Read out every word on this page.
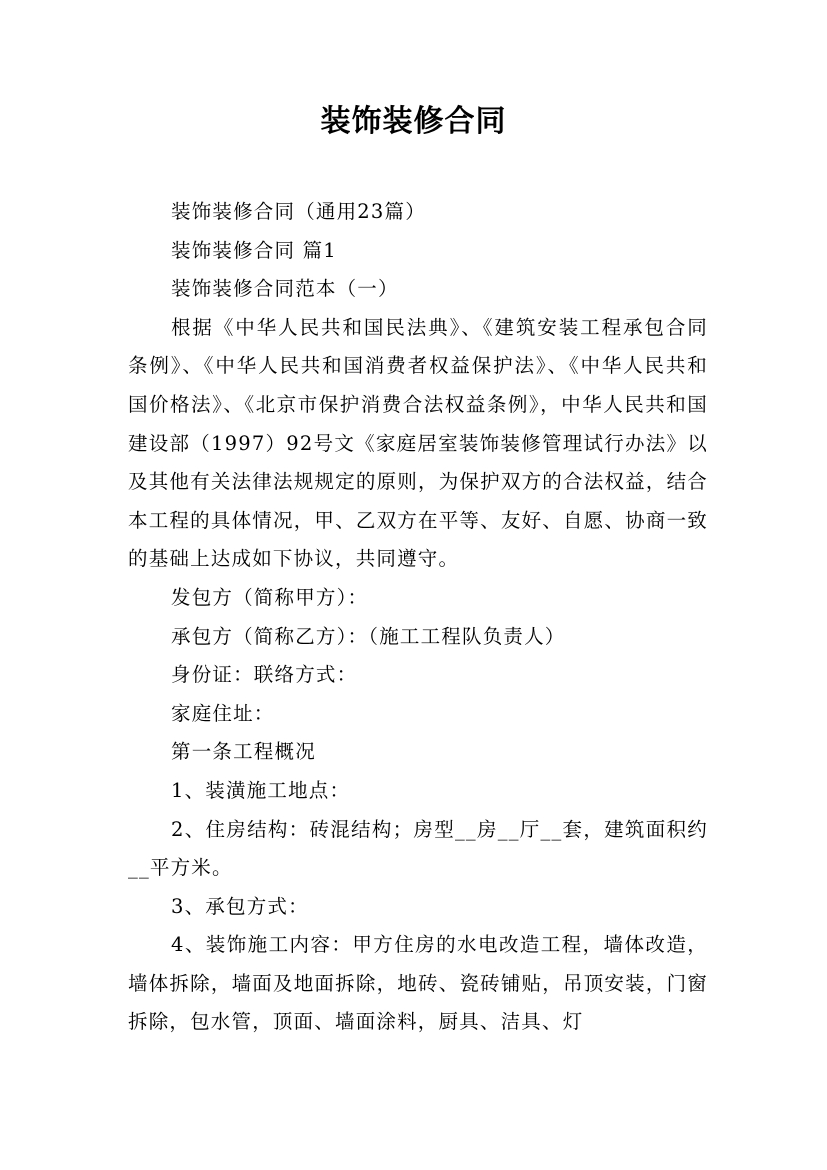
装饰装修合同

装饰装修合同（通用23篇）

装饰装修合同 篇1

装饰装修合同范本（一）

根据《中华人民共和国民法典》、《建筑安装工程承包合同条例》、《中华人民共和国消费者权益保护法》、《中华人民共和国价格法》、《北京市保护消费合法权益条例》，中华人民共和国建设部（1997）92号文《家庭居室装饰装修管理试行办法》以及其他有关法律法规规定的原则，为保护双方的合法权益，结合本工程的具体情况，甲、乙双方在平等、友好、自愿、协商一致的基础上达成如下协议，共同遵守。

发包方（简称甲方）：

承包方（简称乙方）：（施工工程队负责人）

身份证：联络方式：

家庭住址：

第一条工程概况

1、装潢施工地点：

2、住房结构：砖混结构；房型__房__厅__套，建筑面积约__平方米。

3、承包方式：

4、装饰施工内容：甲方住房的水电改造工程，墙体改造，墙体拆除，墙面及地面拆除，地砖、瓷砖铺贴，吊顶安装，门窗拆除，包水管，顶面、墙面涂料，厨具、洁具、灯
